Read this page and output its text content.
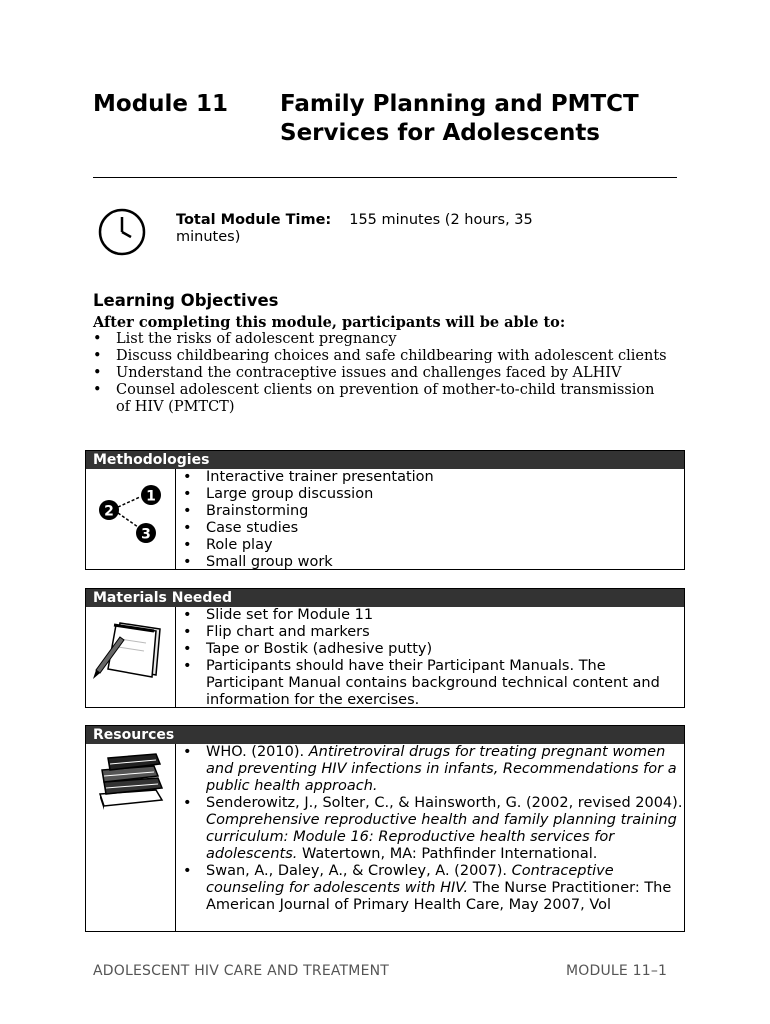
Module 11 Family Planning and PMTCT Services for Adolescents
Total Module Time: 155 minutes (2 hours, 35
minutes)
Learning Objectives
After completing this module, participants will be able to:
• List the risks of adolescent pregnancy
• Discuss childbearing choices and safe childbearing with adolescent clients
• Understand the contraceptive issues and challenges faced by ALHIV
• Counsel adolescent clients on prevention of mother-to-child transmission of HIV (PMTCT)
Methodologies
1
2
3
• Interactive trainer presentation
• Large group discussion
• Brainstorming
• Case studies
• Role play
• Small group work
Materials Needed
• Slide set for Module 11
• Flip chart and markers
• Tape or Bostik (adhesive putty)
• Participants should have their Participant Manuals. The Participant Manual contains background technical content and information for the exercises.
Resources
• WHO. (2010). Antiretroviral drugs for treating pregnant women and preventing HIV infections in infants, Recommendations for a public health approach.
• Senderowitz, J., Solter, C., & Hainsworth, G. (2002, revised 2004). Comprehensive reproductive health and family planning training curriculum: Module 16: Reproductive health services for adolescents. Watertown, MA: Pathfinder International.
• Swan, A., Daley, A., & Crowley, A. (2007). Contraceptive counseling for adolescents with HIV. The Nurse Practitioner: The American Journal of Primary Health Care, May 2007, Vol
ADOLESCENT HIV CARE AND TREATMENT	MODULE 11–1
